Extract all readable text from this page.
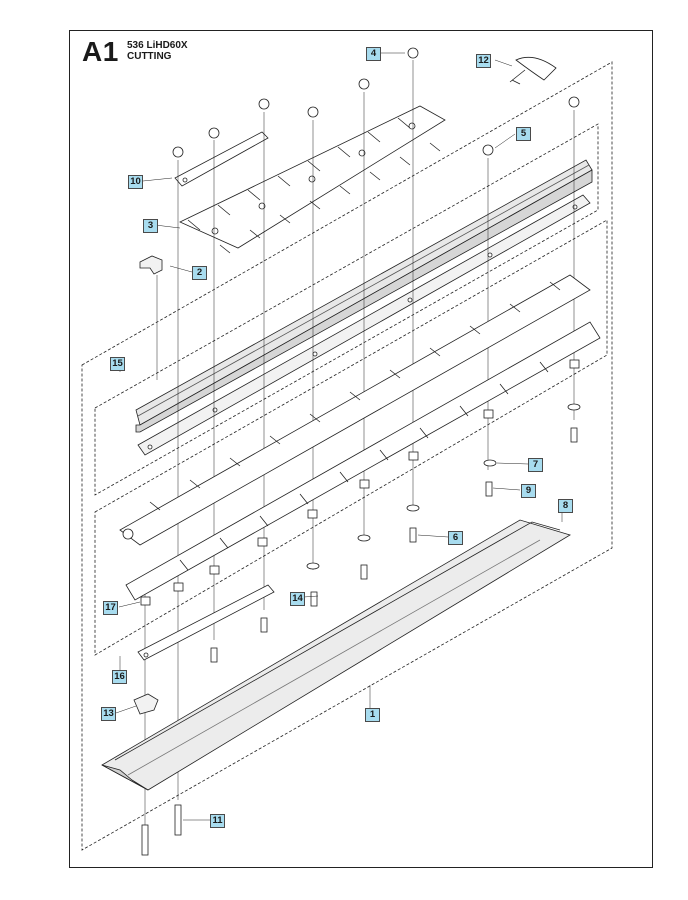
A1 536 LiHD60X
CUTTING	4
12
5
10
3
2
15
7
9
8
6
14
17
16
13	1
11
